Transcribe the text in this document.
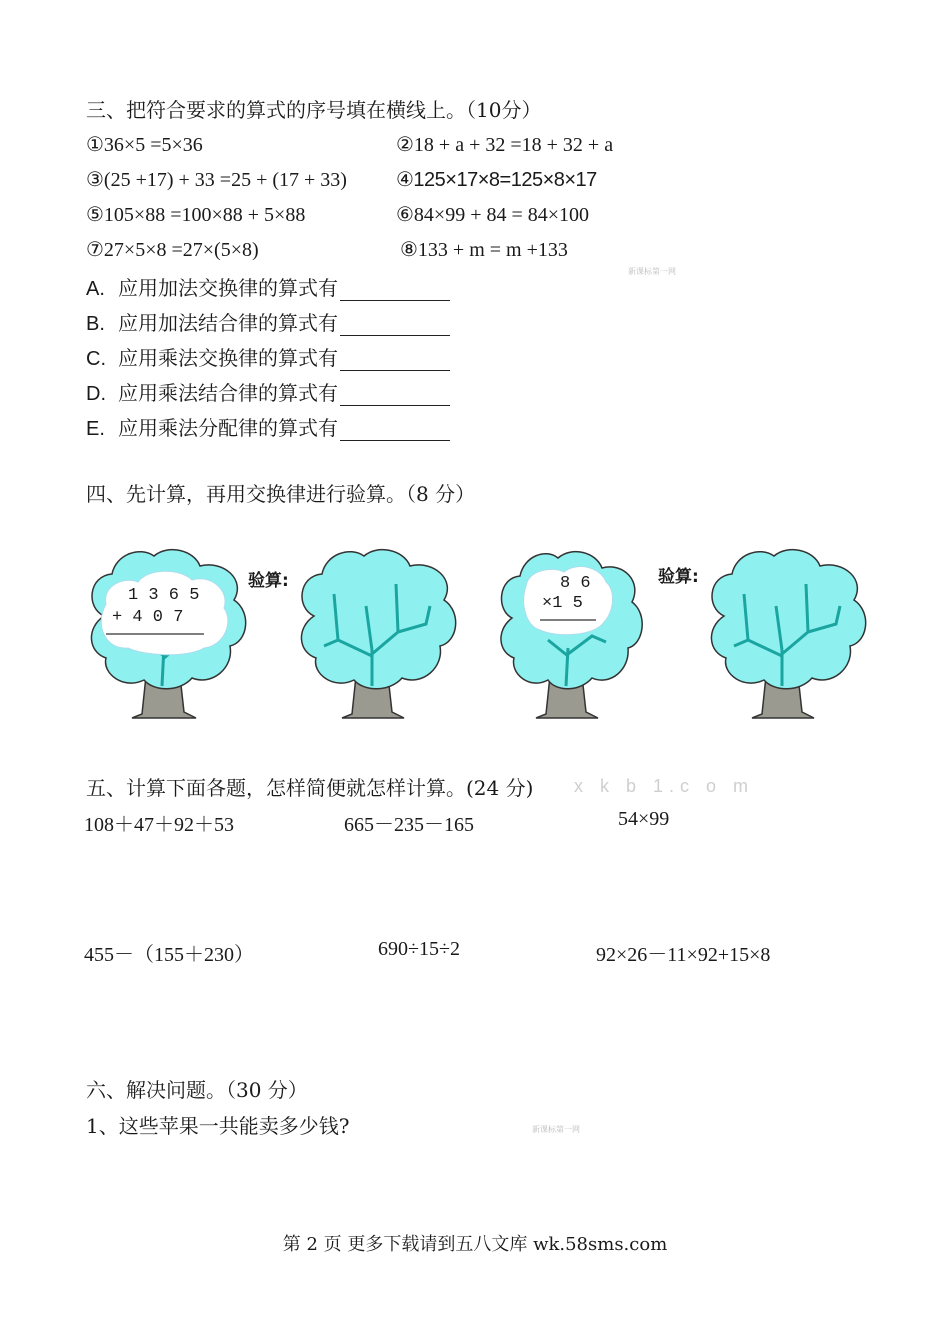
三、把符合要求的算式的序号填在横线上。（10分）
①36×5 =5×36	②18 + a + 32 =18 + 32 + a
③(25 +17) + 33 =25 + (17 + 33) ④125×17×8=125×8×17
⑤105×88 =100×88 + 5×88	⑥84×99 + 84 = 84×100
⑦27×5×8 =27×(5×8)	⑧133 + m = m +133
新课标第一网
A. 应用加法交换律的算式有
B. 应用加法结合律的算式有
C. 应用乘法交换律的算式有
D. 应用乘法结合律的算式有
E. 应用乘法分配律的算式有
四、先计算，再用交换律进行验算。（8 分）
1 3 6 5
+ 4 0 7
验算:	8 6
×1 5
验算:
五、计算下面各题，怎样简便就怎样计算。(24 分) x k b 1.c o m
108＋47＋92＋53	665－235－165	54×99
455－（155＋230）	690÷15÷2	92×26－11×92+15×8
六、解决问题。（30 分）
1、这些苹果一共能卖多少钱?	新课标第一网
第 2 页 更多下载请到五八文库 wk.58sms.com
